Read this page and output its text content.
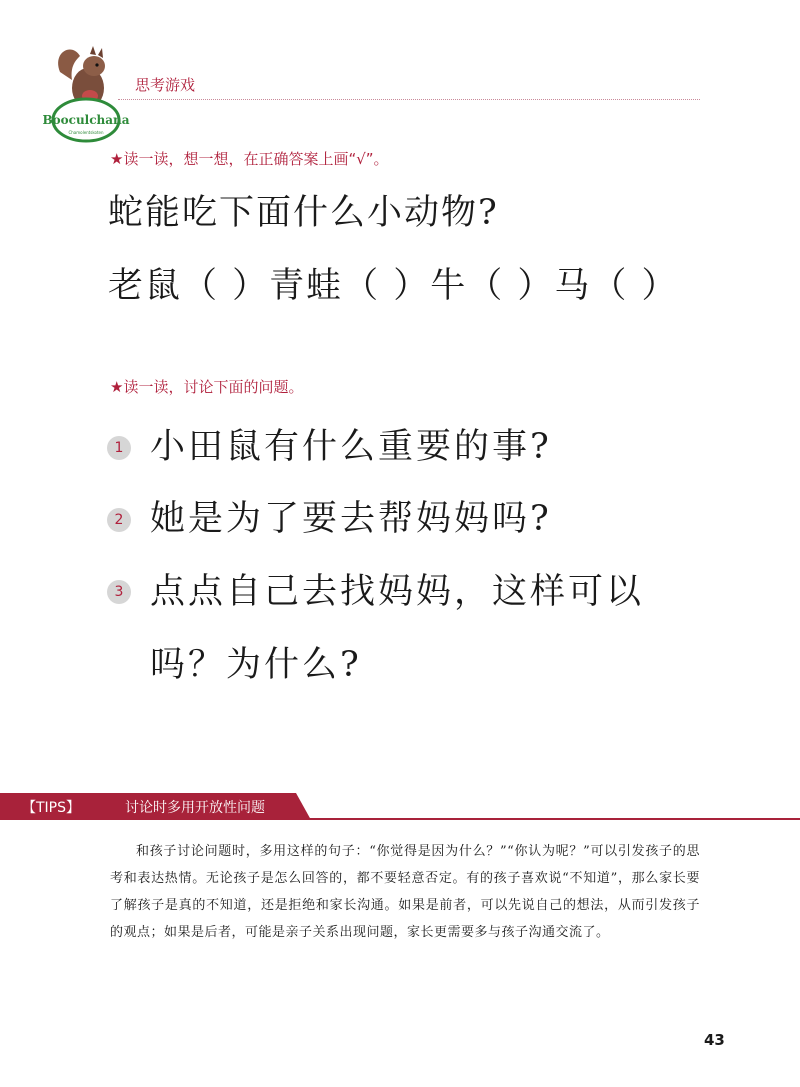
Booculchana
Chamolentskoten
思考游戏
★读一读，想一想，在正确答案上画“√”。
蛇能吃下面什么小动物?
老鼠（ ）青蛙（ ）牛（ ）马（ ）
★读一读，讨论下面的问题。
1 小田鼠有什么重要的事?
2 她是为了要去帮妈妈吗?
3 点点自己去找妈妈，这样可以
吗？为什么?
【TIPS】	讨论时多用开放性问题

和孩子讨论问题时，多用这样的句子：“你觉得是因为什么？”“你认为呢？”可以引发孩子的思考和表达热情。无论孩子是怎么回答的，都不要轻意否定。有的孩子喜欢说“不知道”，那么家长要了解孩子是真的不知道，还是拒绝和家长沟通。如果是前者，可以先说自己的想法，从而引发孩子的观点；如果是后者，可能是亲子关系出现问题，家长更需要多与孩子沟通交流了。

43
